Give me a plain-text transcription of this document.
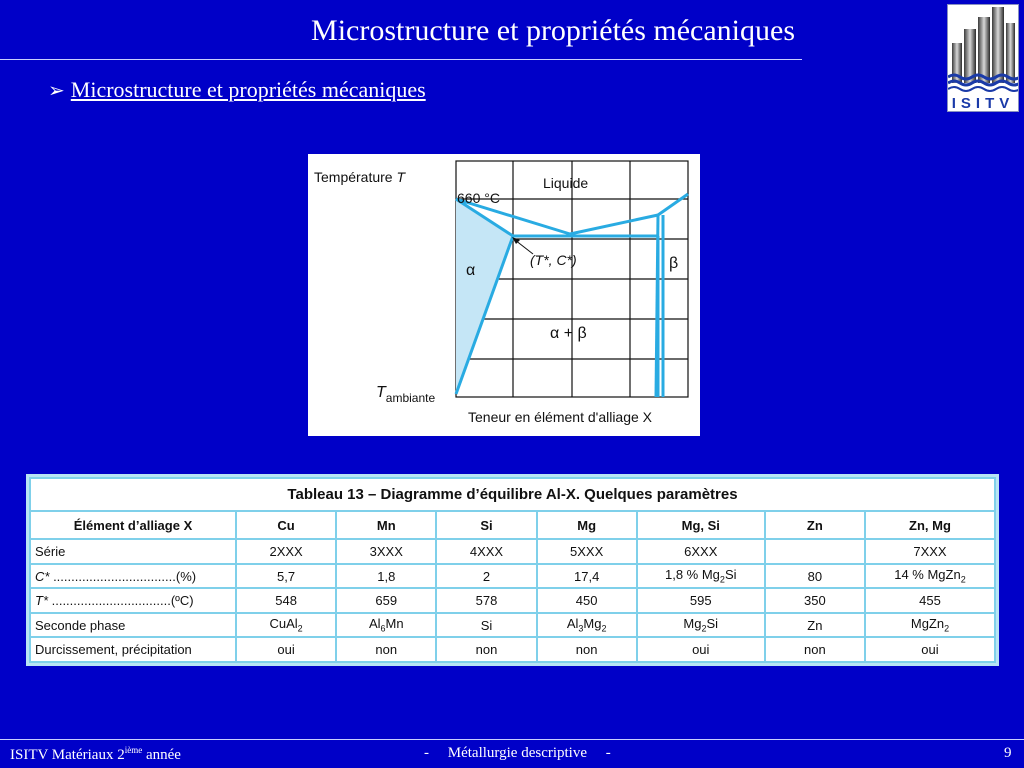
Microstructure et propriétés mécaniques
ISITV
➢ Microstructure et propriétés mécaniques
Température T
660 °C
Liquide
α	β
(T*, C*)
α + β
$T_{ambiante}$
Teneur en élément d'alliage X
Tableau 13 – Diagramme d’équilibre Al-X. Quelques paramètres							
Élément d’alliage X	Cu	Mn	Si	Mg	Mg, Si	Zn	Zn, Mg
Série	2XXX	3XXX	4XXX	5XXX	6XXX		7XXX
C* ..................................(%)	5,7	1,8	2	17,4	1,8 % $Mg_2Si$	80	14 % MgZn$_2$
T* .................................(ºC)	548	659	578	450	595	350	455
Seconde phase	CuAl$_2$	$Al_6Mn$	Si	$Al_3Mg_2$	$Mg_2Si$	Zn	MgZn$_2$
Durcissement, précipitation	oui	non	non	non	oui	non	oui
ISITV Matériaux 2ième année	-     Métallurgie descriptive     -	9
